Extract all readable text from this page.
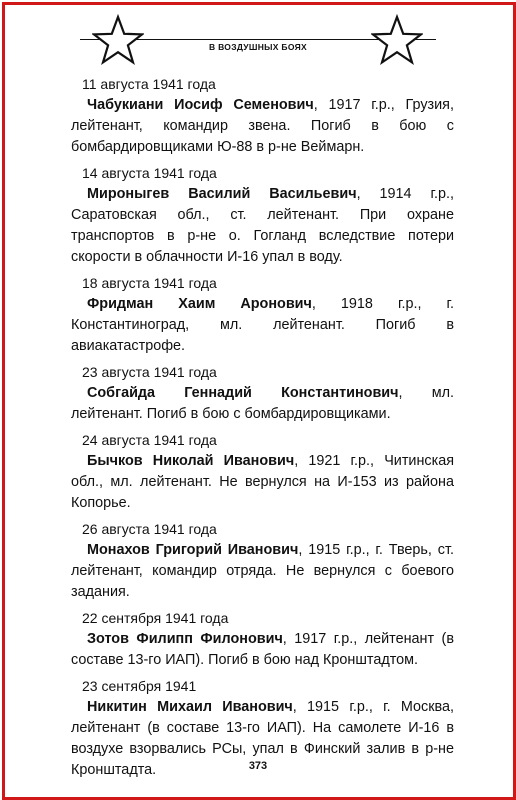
В ВОЗДУШНЫХ БОЯХ
11 августа 1941 года
Чабукиани Иосиф Семенович, 1917 г.р., Грузия, лейтенант, командир звена. Погиб в бою с бомбардировщиками Ю-88 в р-не Веймарн.
14 августа 1941 года
Мироныгев Василий Васильевич, 1914 г.р., Саратовская обл., ст. лейтенант. При охране транспортов в р-не о. Гогланд вследствие потери скорости в облачности И-16 упал в воду.
18 августа 1941 года
Фридман Хаим Аронович, 1918 г.р., г. Константиноград, мл. лейтенант. Погиб в авиакатастрофе.
23 августа 1941 года
Собгайда Геннадий Константинович, мл. лейтенант. Погиб в бою с бомбардировщиками.
24 августа 1941 года
Бычков Николай Иванович, 1921 г.р., Читинская обл., мл. лейтенант. Не вернулся на И-153 из района Копорье.
26 августа 1941 года
Монахов Григорий Иванович, 1915 г.р., г. Тверь, ст. лейтенант, командир отряда. Не вернулся с боевого задания.
22 сентября 1941 года
Зотов Филипп Филонович, 1917 г.р., лейтенант (в составе 13-го ИАП). Погиб в бою над Кронштадтом.
23 сентября 1941
Никитин Михаил Иванович, 1915 г.р., г. Москва, лейтенант (в составе 13-го ИАП). На самолете И-16 в воздухе взорвались РСы, упал в Финский залив в р-не Кронштадта.	373
